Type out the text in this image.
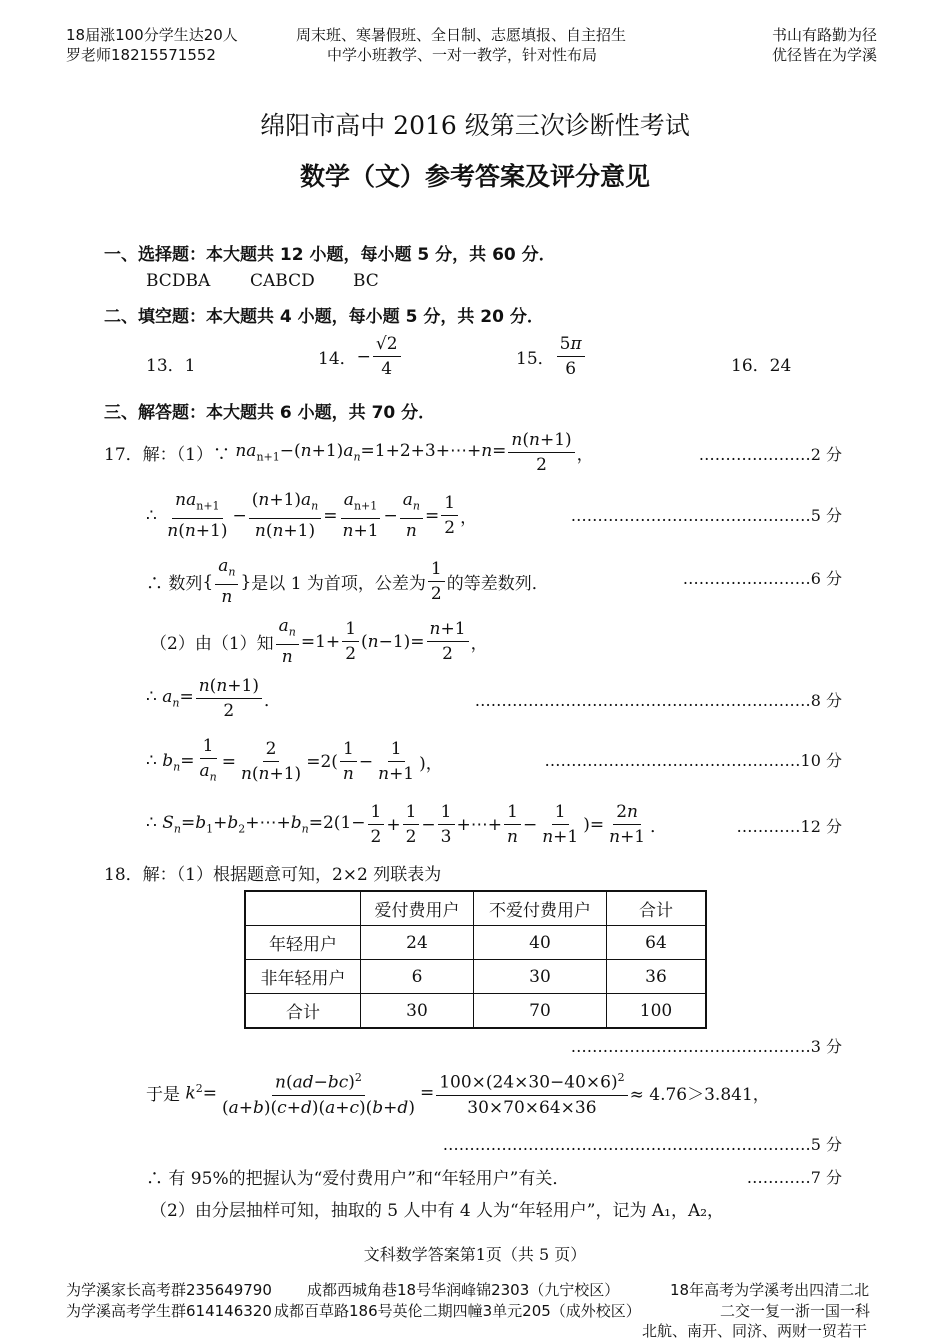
18届涨100分学生达20人
罗老师18215571552
周末班、寒暑假班、全日制、志愿填报、自主招生
中学小班教学、一对一教学，针对性布局
书山有路勤为径
优径皆在为学溪
绵阳市高中 2016 级第三次诊断性考试
数学（文）参考答案及评分意见
一、选择题：本大题共 12 小题，每小题 5 分，共 60 分．
BCDBA CABCD BC
二、填空题：本大题共 4 小题，每小题 5 分，共 20 分．
13．1	14． − $\frac{√2}{4}$	15． $\frac{5\pi}{6}$	16．24
三、解答题：本大题共 6 小题，共 70 分．
17．解：（1）∵ $na_{n+1}-(n+1)a_n=1+2+3+\cdots+n= \frac{n(n+1)}{2}$ ，	…………………2 分
∴ $\frac{na_{n+1}}{n(n+1)} - \frac{(n+1)a_n}{n(n+1)} = \frac{a_{n+1}}{n+1} - \frac{a_n}{n} = \frac{1}{2}$ ，	………………………………………5 分
∴ 数列 { $\frac{a_n}{n}$ } 是以 1 为首项，公差为 $\frac{1}{2}$ 的等差数列．	……………………6 分
（2）由（1）知 $\frac{a_n}{n} =1+ \frac{1}{2} (n-1)= \frac{n+1}{2}$ ，
∴ $a_n= \frac{n(n+1)}{2}$ ．	………………………………………………………8 分
∴ $b_n= \frac{1}{a_n} = \frac{2}{n(n+1)} =2( \frac{1}{n} - \frac{1}{n+1}$ )，	…………………………………………10 分
∴ $S_n=b_1+b_2+\cdots+b_n=2(1- \frac{1}{2} + \frac{1}{2} - \frac{1}{3}$ +⋯+ $\frac{1}{n} - \frac{1}{n+1}$ )= $\frac{2n}{n+1}$ ．	…………12 分
18．解：（1）根据题意可知，2×2 列联表为
	爱付费用户	不爱付费用户	合计
年轻用户	24	40	64
非年轻用户	6	30	36
合计	30	70	100
………………………………………3 分
于是 $k^2= \frac{n(ad-bc)^2}{(a+b)(c+d)(a+c)(b+d)} = \frac{100\times(24\times 30-40\times 6)^2}{30\times 70\times 64\times 36} \approx 4.76>3.841$，
……………………………………………………………5 分
∴ 有 95%的把握认为“爱付费用户”和“年轻用户”有关．	…………7 分
（2）由分层抽样可知，抽取的 5 人中有 4 人为“年轻用户”，记为 A₁，A₂，
文科数学答案第1页（共 5 页）
为学溪家长高考群235649790
为学溪高考学生群614146320
成都西城角巷18号华润峰锦2303（九宁校区）
成都百草路186号英伦二期四幢3单元205（成外校区）
18年高考为学溪考出四清二北
二交一复一浙一国一科
北航、南开、同济、两财一贸若干
